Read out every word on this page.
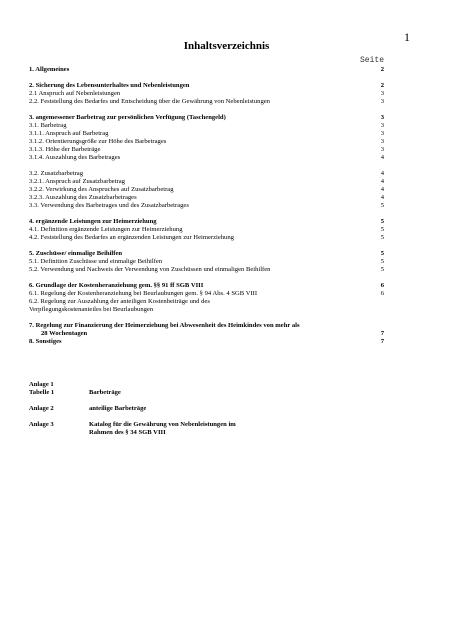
1
Inhaltsverzeichnis
Seite
1. Allgemeines	2
2. Sicherung des Lebensunterhaltes und Nebenleistungen	2
2.1 Anspruch auf Nebenleistungen	3
2.2. Feststellung des Bedarfes und Entscheidung über die Gewährung von Nebenleistungen	3
3. angemessener Barbetrag zur persönlichen Verfügung (Taschengeld)	3
3.1. Barbetrag	3
3.1.1. Anspruch auf Barbetrag	3
3.1.2. Orientierungsgröße zur Höhe des Barbetrages	3
3.1.3. Höhe der Barbeträge	3
3.1.4. Auszahlung des Barbetrages	4
3.2. Zusatzbarbetrag	4
3.2.1. Anspruch auf Zusatzbarbetrag	4
3.2.2. Verwirkung des Anspruches auf Zusatzbarbetrag	4
3.2.3. Auszahlung des Zusatzbarbetrages	4
3.3. Verwendung des Barbetrages und des Zusatzbarbetrages	5
4. ergänzende Leistungen zur Heimerziehung	5
4.1. Definition ergänzende Leistungen zur Heimerziehung	5
4.2. Feststellung des Bedarfes an ergänzenden Leistungen zur Heimerziehung	5
5. Zuschüsse/ einmalige Beihilfen	5
5.1. Definition Zuschüsse und einmalige Beihilfen	5
5.2. Verwendung und Nachweis der Verwendung von Zuschüssen und einmaligen Beihilfen	5
6. Grundlage der Kostenheranziehung gem. §§ 91 ff SGB VIII	6
6.1. Regelung der Kostenheranziehung bei Beurlaubungen gem. § 94 Abs. 4 SGB VIII	6
6.2. Regelung zur Auszahlung der anteiligen Kostenbeiträge und des
Verpflegungskostenanteiles bei Beurlaubungen
7. Regelung zur Finanzierung der Heimerziehung bei Abwesenheit des Heimkindes von mehr als
28 Wochentagen	7
8. Sonstiges	7
Anlage 1
Tabelle 1	Barbeträge
Anlage 2	anteilige Barbeträge
Anlage 3	Katalog für die Gewährung von Nebenleistungen im
Rahmen des § 34 SGB VIII
